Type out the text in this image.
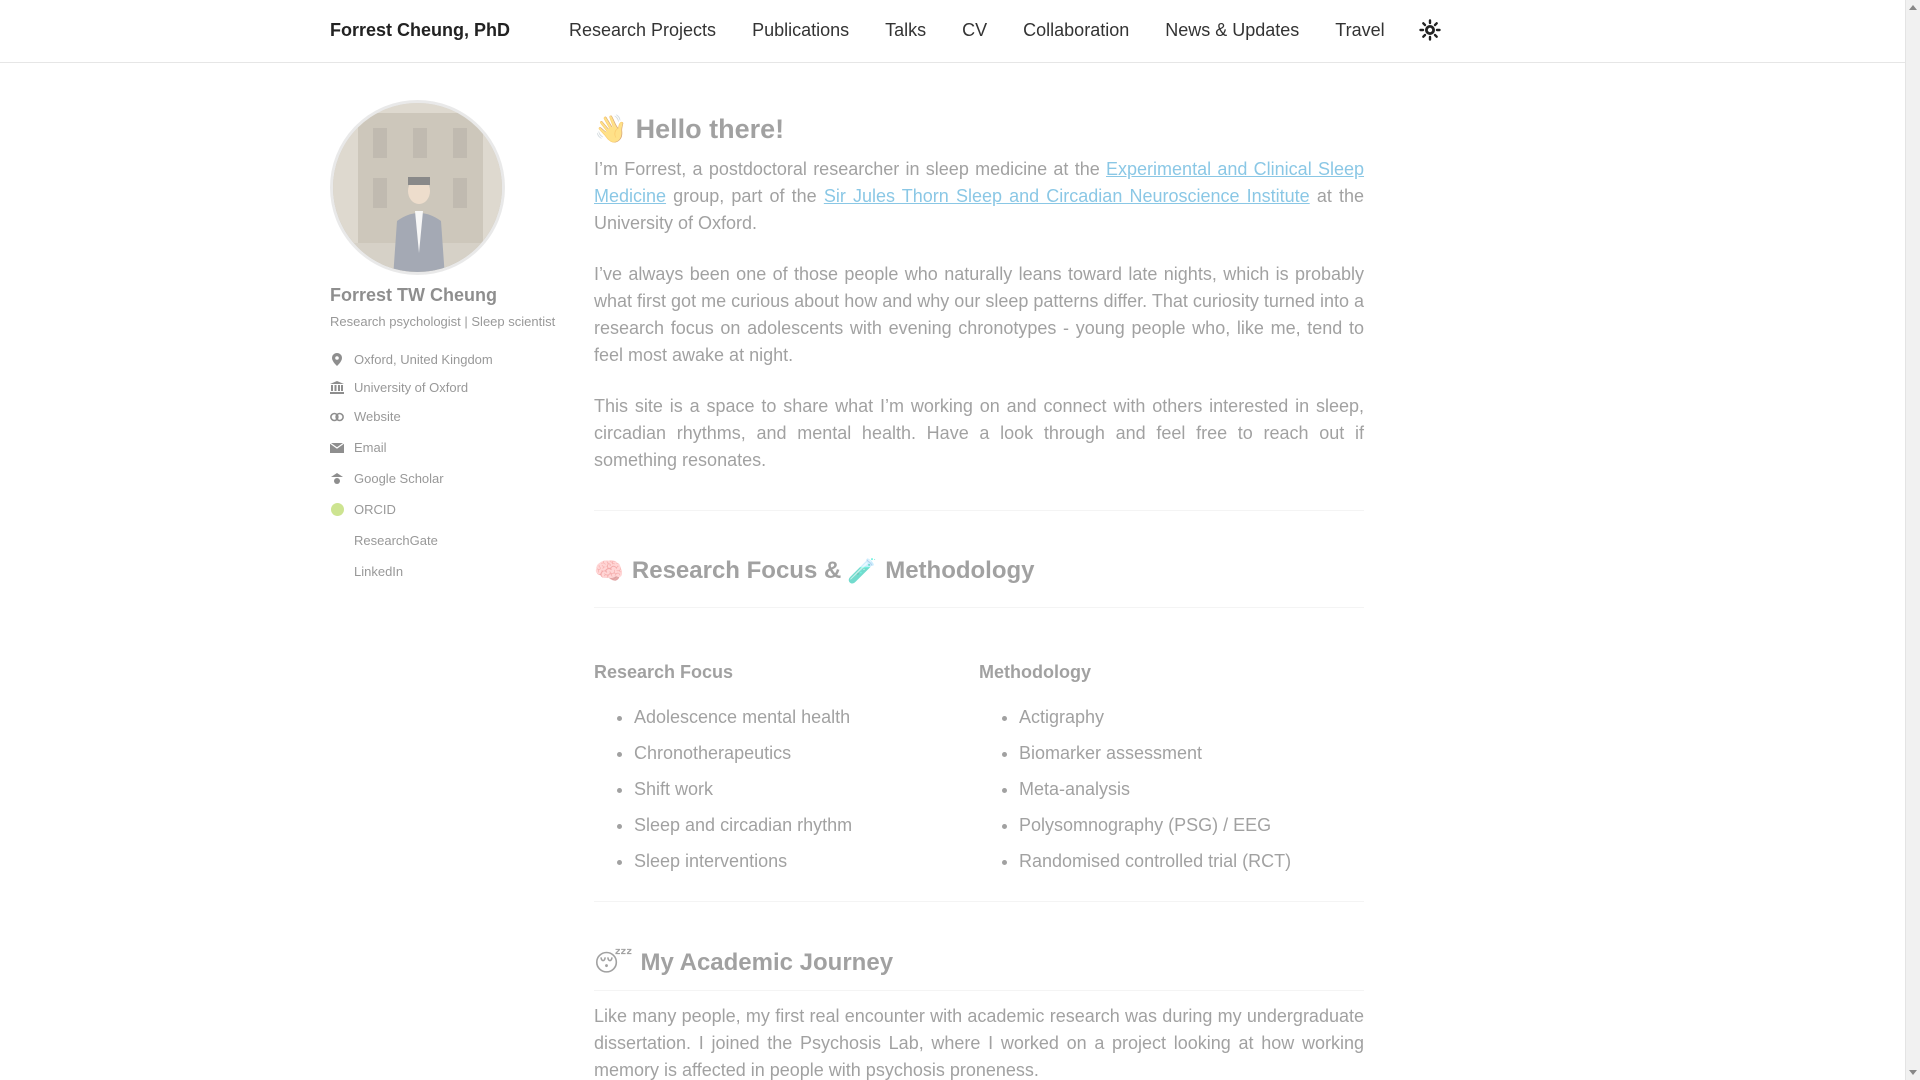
Forrest Cheung, PhD	Research Projects Publications Talks CV Collaboration News & Updates Travel
Forrest TW Cheung
Research psychologist | Sleep scientist
Oxford, United Kingdom
University of Oxford
Website
Email
Google Scholar
ORCID
ResearchGate
LinkedIn
👋 Hello there!

I’m Forrest, a postdoctoral researcher in sleep medicine at the Experimental and Clinical Sleep Medicine group, part of the Sir Jules Thorn Sleep and Circadian Neuroscience Institute at the University of Oxford.

I’ve always been one of those people who naturally leans toward late nights, which is probably what first got me curious about how and why our sleep patterns differ. That curiosity turned into a research focus on adolescents with evening chronotypes - young people who, like me, tend to feel most awake at night.

This site is a space to share what I’m working on and connect with others interested in sleep, circadian rhythms, and mental health. Have a look through and feel free to reach out if something resonates.

🧠 Research Focus & 🧪 Methodology
Research Focus
• Adolescence mental health
• Chronotherapeutics
• Shift work
• Sleep and circadian rhythm
• Sleep interventions
Methodology
• Actigraphy
• Biomarker assessment
• Meta-analysis
• Polysomnography (PSG) / EEG
• Randomised controlled trial (RCT)
😴 My Academic Journey

Like many people, my first real encounter with academic research was during my undergraduate dissertation. I joined the Psychosis Lab, where I worked on a project looking at how working memory is affected in people with psychosis proneness.
